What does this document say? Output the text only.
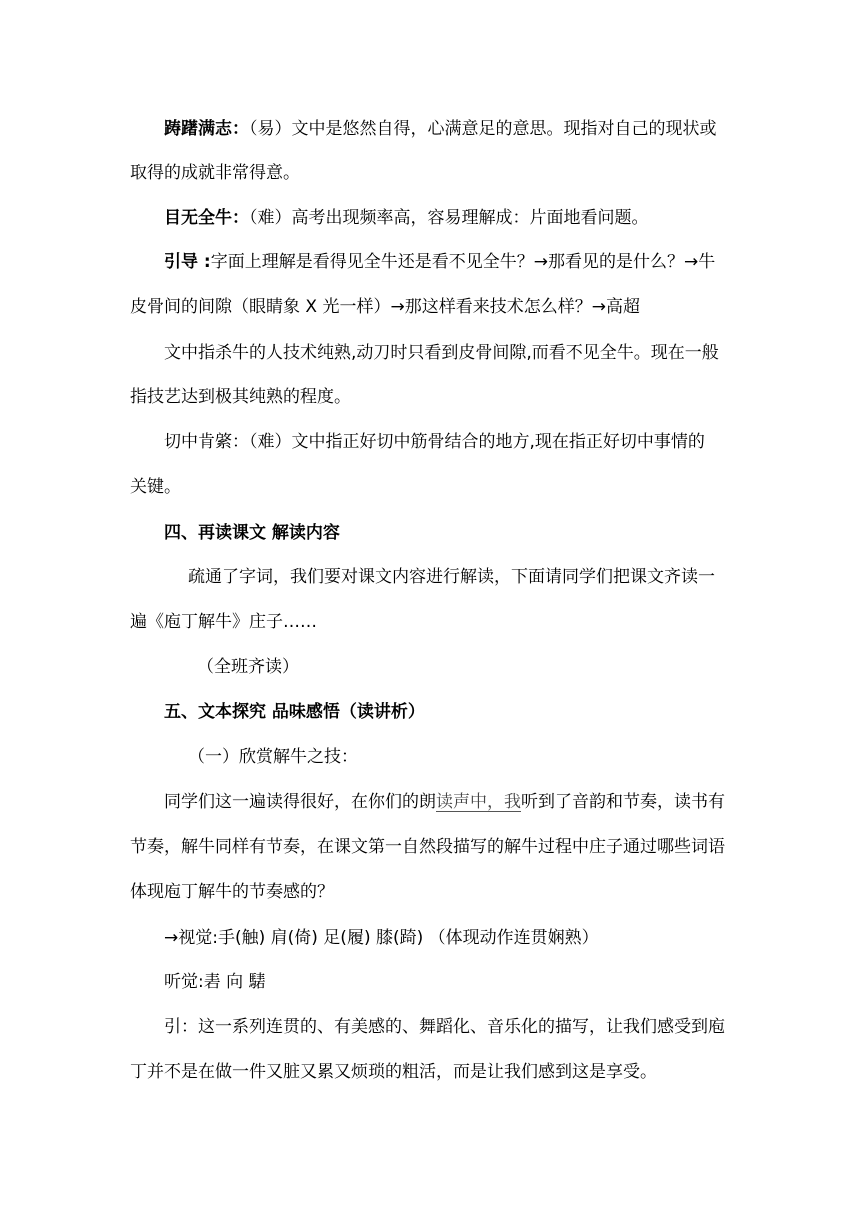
踌躇满志：（易）文中是悠然自得，心满意足的意思。现指对自己的现状或
取得的成就非常得意。
目无全牛：（难）高考出现频率高，容易理解成：片面地看问题。
引导 :字面上理解是看得见全牛还是看不见全牛？→那看见的是什么？→牛
皮骨间的间隙（眼睛象 X 光一样）→那这样看来技术怎么样？→高超
文中指杀牛的人技术纯熟,动刀时只看到皮骨间隙,而看不见全牛。现在一般
指技艺达到极其纯熟的程度。
切中肯綮：（难）文中指正好切中筋骨结合的地方,现在指正好切中事情的
关键。
四、再读课文 解读内容
疏通了字词，我们要对课文内容进行解读，下面请同学们把课文齐读一
遍《庖丁解牛》庄子……
（全班齐读）
五、文本探究 品味感悟（读讲析）
（一）欣赏解牛之技：
同学们这一遍读得很好，在你们的朗读声中，我听到了音韵和节奏，读书有
节奏，解牛同样有节奏，在课文第一自然段描写的解牛过程中庄子通过哪些词语
体现庖丁解牛的节奏感的？
→视觉:手(触) 肩(倚) 足(履) 膝(踦) （体现动作连贯娴熟）
听觉:砉 向 騞
引：这一系列连贯的、有美感的、舞蹈化、音乐化的描写，让我们感受到庖
丁并不是在做一件又脏又累又烦琐的粗活，而是让我们感到这是享受。
